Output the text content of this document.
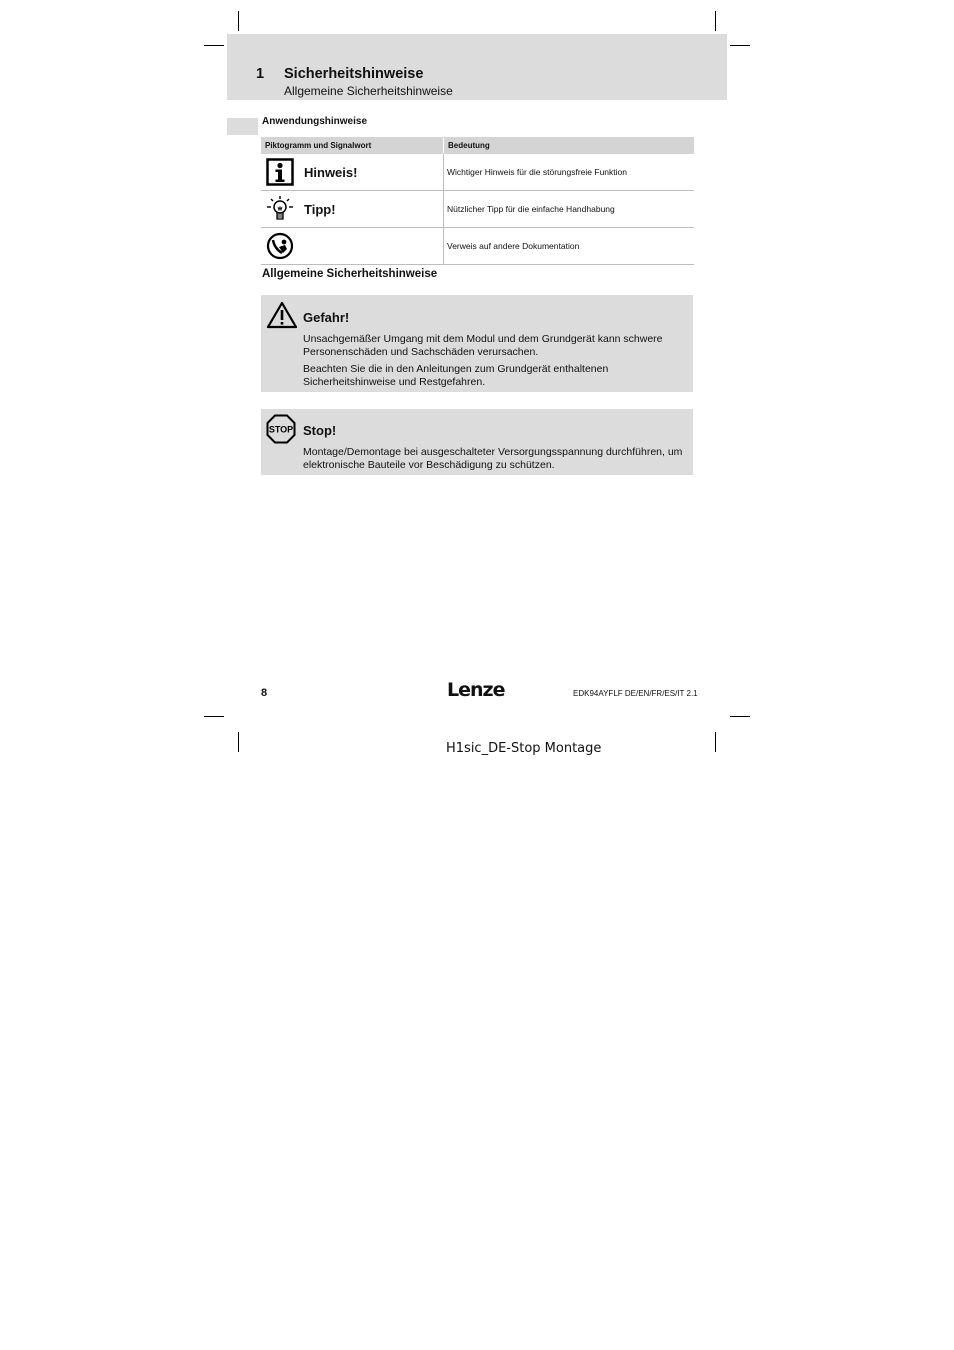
1 Sicherheitshinweise
Allgemeine Sicherheitshinweise
Anwendungshinweise
Piktogramm und Signalwort	Bedeutung

Hinweis!	Wichtiger Hinweis für die störungsfreie Funktion

Tipp!	Nützlicher Tipp für die einfache Handhabung

	Verweis auf andere Dokumentation
Allgemeine Sicherheitshinweise
Gefahr!
Unsachgemäßer Umgang mit dem Modul und dem Grundgerät kann schwere Personenschäden und Sachschäden verursachen.
Beachten Sie die in den Anleitungen zum Grundgerät enthaltenen Sicherheitshinweise und Restgefahren.
STOP Stop!
Montage/Demontage bei ausgeschalteter Versorgungsspannung durchführen, um elektronische Bauteile vor Beschädigung zu schützen.
8	Lenze	EDK94AYFLF DE/EN/FR/ES/IT 2.1
H1sic_DE-Stop Montage
